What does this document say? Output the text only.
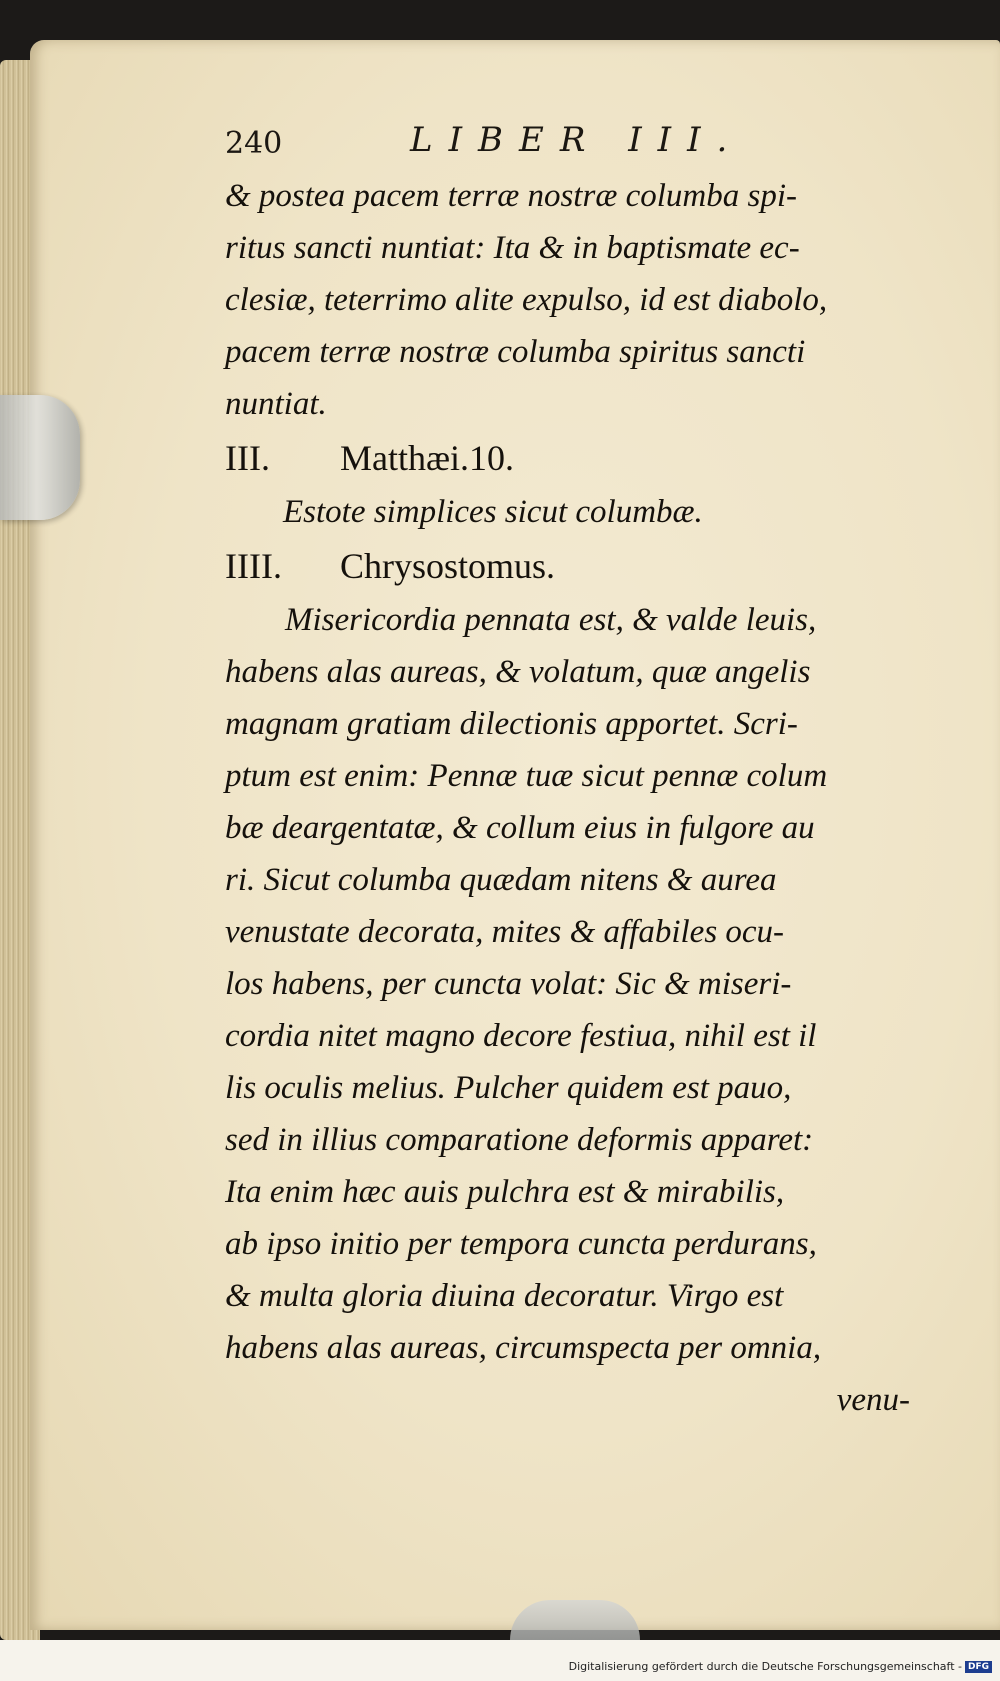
240	LIBER III.
& postea pacem terræ nostræ columba spi-
ritus sancti nuntiat: Ita & in baptismate ec-
clesiæ, teterrimo alite expulso, id est diabolo,
pacem terræ nostræ columba spiritus sancti
nuntiat.
III. Matthæi.10.
Estote simplices sicut columbæ.
IIII. Chrysostomus.
Misericordia pennata est, & valde leuis,
habens alas aureas, & volatum, quæ angelis
magnam gratiam dilectionis apportet. Scri-
ptum est enim: Pennæ tuæ sicut pennæ colum
bæ deargentatæ, & collum eius in fulgore au
ri. Sicut columba quædam nitens & aurea
venustate decorata, mites & affabiles ocu-
los habens, per cuncta volat: Sic & miseri-
cordia nitet magno decore festiua, nihil est il
lis oculis melius. Pulcher quidem est pauo,
sed in illius comparatione deformis apparet:
Ita enim hæc auis pulchra est & mirabilis,
ab ipso initio per tempora cuncta perdurans,
& multa gloria diuina decoratur. Virgo est
habens alas aureas, circumspecta per omnia,
venu-
Digitalisierung gefördert durch die Deutsche Forschungsgemeinschaft - DFG
